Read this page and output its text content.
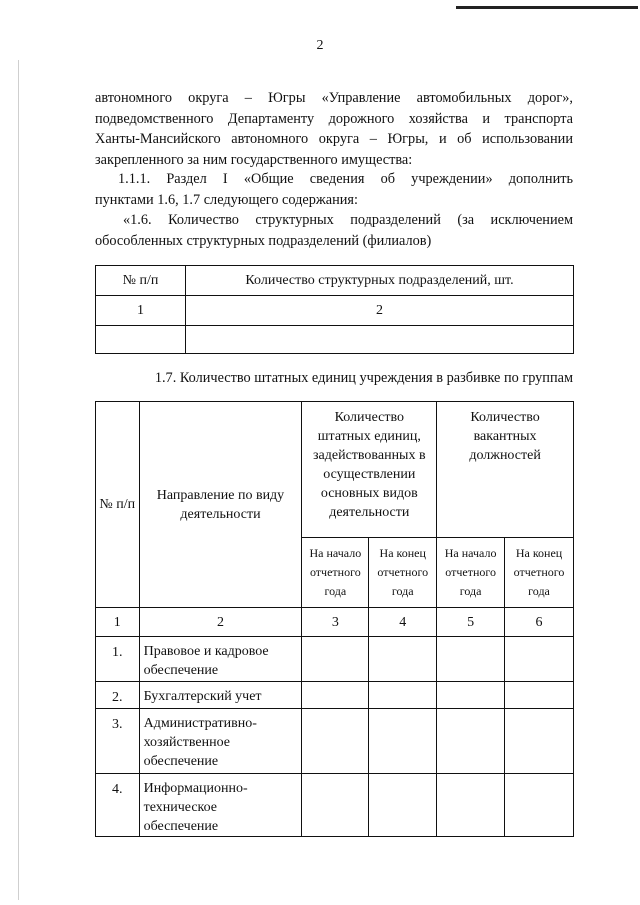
2
автономного округа – Югры «Управление автомобильных дорог»,
подведомственного Департаменту дорожного хозяйства и транспорта
Ханты-Мансийского автономного округа – Югры, и об использовании
закрепленного за ним государственного имущества:
1.1.1. Раздел I «Общие сведения об учреждении» дополнить
пунктами 1.6, 1.7 следующего содержания:
«1.6. Количество структурных подразделений (за исключением
обособленных структурных подразделений (филиалов)
№ п/п	Количество структурных подразделений, шт.
1	2

1.7. Количество штатных единиц учреждения в разбивке по группам
№ п/п	Направление по виду деятельности	Количество штатных единиц, задействованных в осуществлении основных видов деятельности		Количество вакантных должностей	
		На начало отчетного года	На конец отчетного года	На начало отчетного года	На конец отчетного года
1	2	3	4	5	6
1.	Правовое и кадровое обеспечение				
2.	Бухгалтерский учет				
3.	Административно-хозяйственное обеспечение				
4.	Информационно-техническое обеспечение				
